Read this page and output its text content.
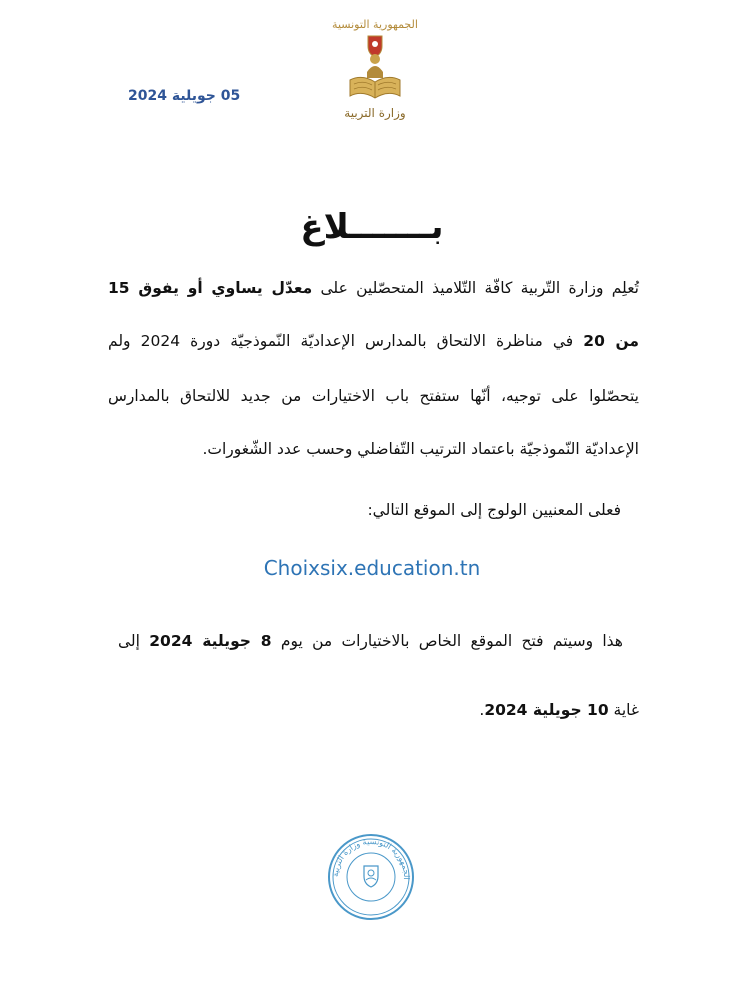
الجمهورية التونسية
وزارة التربية
05 جويلية 2024
بـــــــلاغ
تُعلِم وزارة التّربية كافّة التّلاميذ المتحصّلين على معدّل يساوي أو يفوق 15
من 20 في مناظرة الالتحاق بالمدارس الإعداديّة النّموذجيّة دورة 2024 ولم
يتحصّلوا على توجيه، أنّها ستفتح باب الاختيارات من جديد للالتحاق بالمدارس
الإعداديّة النّموذجيّة باعتماد الترتيب التّفاضلي وحسب عدد الشّغورات.
فعلى المعنيين الولوج إلى الموقع التالي:
Choixsix.education.tn
هذا وسيتم فتح الموقع الخاص بالاختيارات من يوم 8 جويلية 2024 إلى
غاية 10 جويلية 2024.
الجمهورية التونسية وزارة التربية
